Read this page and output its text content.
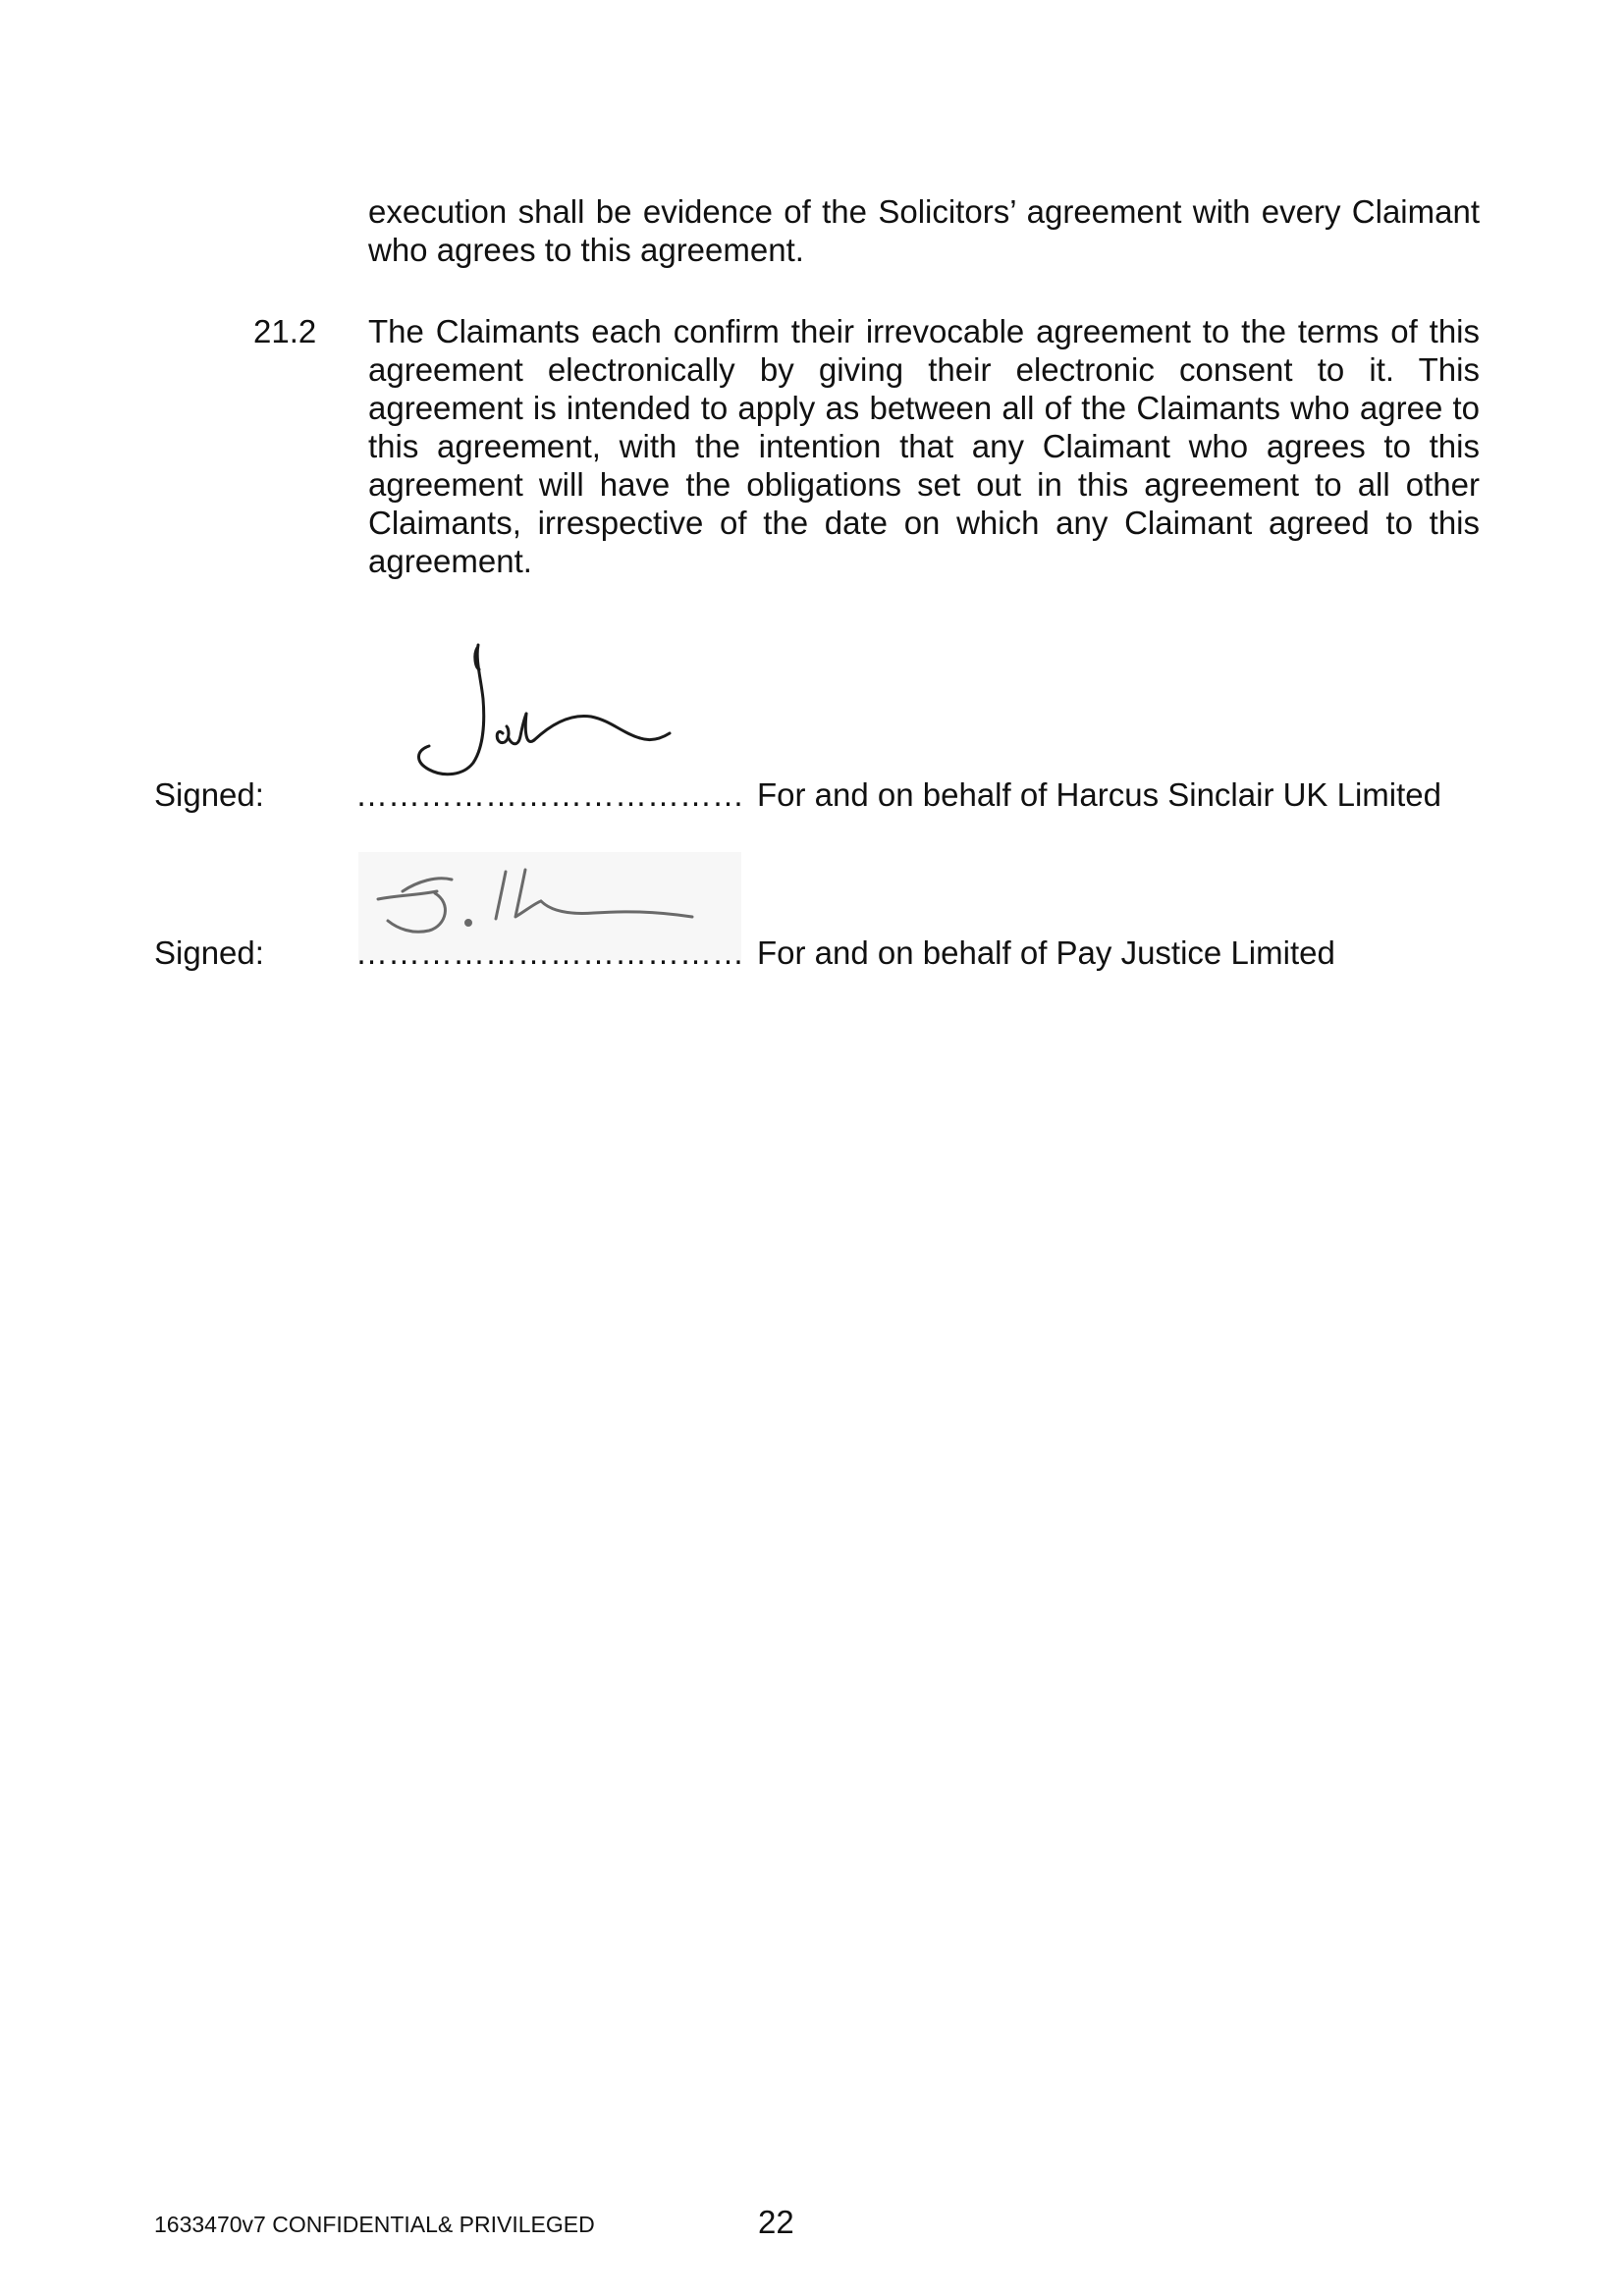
execution shall be evidence of the Solicitors’ agreement with every Claimant who agrees to this agreement.
21.2 The Claimants each confirm their irrevocable agreement to the terms of this agreement electronically by giving their electronic consent to it. This agreement is intended to apply as between all of the Claimants who agree to this agreement, with the intention that any Claimant who agrees to this agreement will have the obligations set out in this agreement to all other Claimants, irrespective of the date on which any Claimant agreed to this agreement.
Signed:	……………………………… For and on behalf of Harcus Sinclair UK Limited
Signed:	……………………………… For and on behalf of Pay Justice Limited
1633470v7 CONFIDENTIAL& PRIVILEGED	22
